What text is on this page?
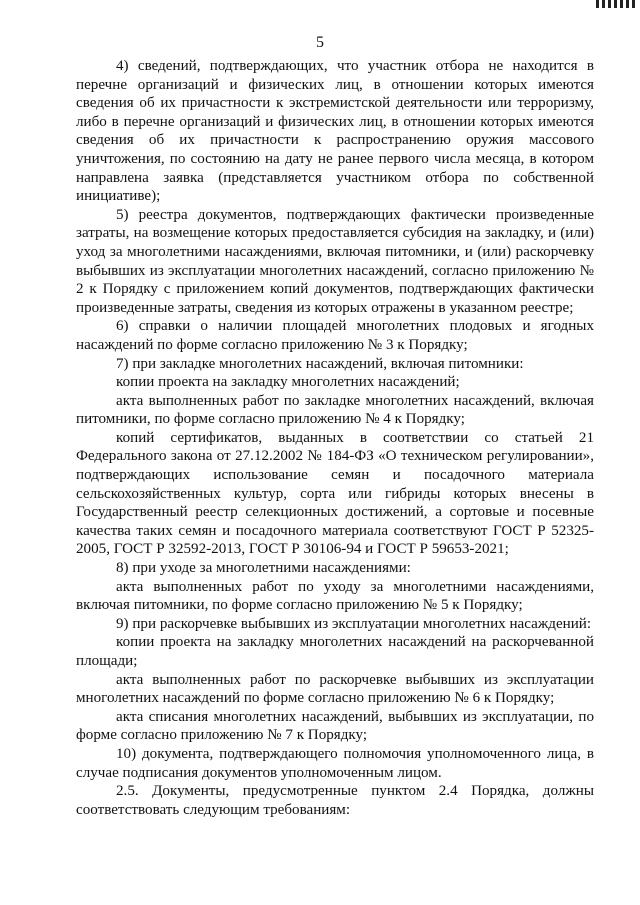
5

4) сведений, подтверждающих, что участник отбора не находится в перечне организаций и физических лиц, в отношении которых имеются сведения об их причастности к экстремистской деятельности или терроризму, либо в перечне организаций и физических лиц, в отношении которых имеются сведения об их причастности к распространению оружия массового уничтожения, по состоянию на дату не ранее первого числа месяца, в котором направлена заявка (представляется участником отбора по собственной инициативе);

5) реестра документов, подтверждающих фактически произведенные затраты, на возмещение которых предоставляется субсидия на закладку, и (или) уход за многолетними насаждениями, включая питомники, и (или) раскорчевку выбывших из эксплуатации многолетних насаждений, согласно приложению № 2 к Порядку с приложением копий документов, подтверждающих фактически произведенные затраты, сведения из которых отражены в указанном реестре;

6) справки о наличии площадей многолетних плодовых и ягодных насаждений по форме согласно приложению № 3 к Порядку;

7) при закладке многолетних насаждений, включая питомники:

копии проекта на закладку многолетних насаждений;

акта выполненных работ по закладке многолетних насаждений, включая питомники, по форме согласно приложению № 4 к Порядку;

копий сертификатов, выданных в соответствии со статьей 21 Федерального закона от 27.12.2002 № 184-ФЗ «О техническом регулировании», подтверждающих использование семян и посадочного материала сельскохозяйственных культур, сорта или гибриды которых внесены в Государственный реестр селекционных достижений, а сортовые и посевные качества таких семян и посадочного материала соответствуют ГОСТ Р 52325-2005, ГОСТ Р 32592-2013, ГОСТ Р 30106-94 и ГОСТ Р 59653-2021;

8) при уходе за многолетними насаждениями:

акта выполненных работ по уходу за многолетними насаждениями, включая питомники, по форме согласно приложению № 5 к Порядку;

9) при раскорчевке выбывших из эксплуатации многолетних насаждений:

копии проекта на закладку многолетних насаждений на раскорчеванной площади;

акта выполненных работ по раскорчевке выбывших из эксплуатации многолетних насаждений по форме согласно приложению № 6 к Порядку;

акта списания многолетних насаждений, выбывших из эксплуатации, по форме согласно приложению № 7 к Порядку;

10) документа, подтверждающего полномочия уполномоченного лица, в случае подписания документов уполномоченным лицом.

2.5. Документы, предусмотренные пунктом 2.4 Порядка, должны соответствовать следующим требованиям:
